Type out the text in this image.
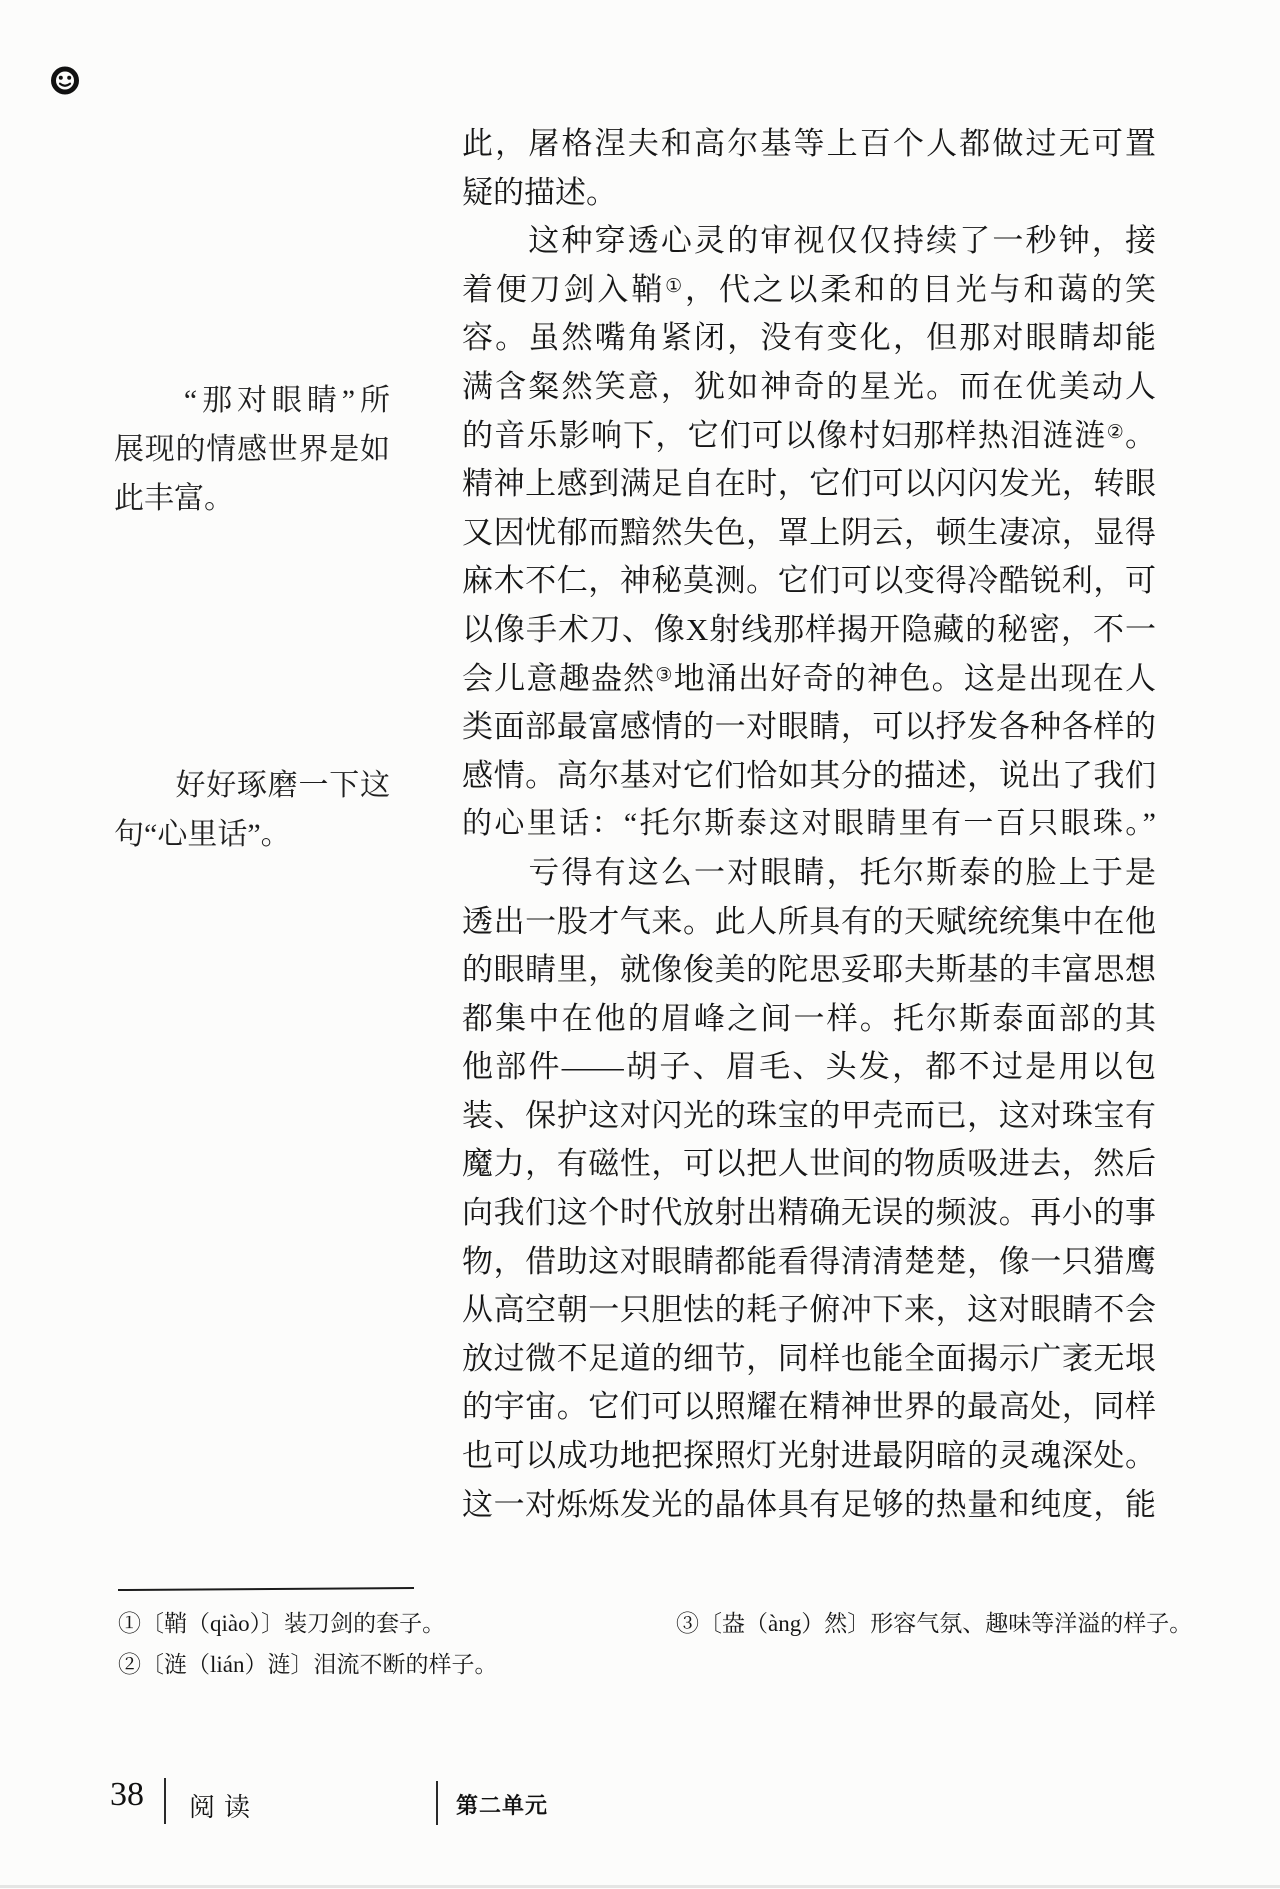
　　“那对眼睛”所
展现的情感世界是如
此丰富。
　　好好琢磨一下这
句“心里话”。
此，屠格涅夫和高尔基等上百个人都做过无可置
疑的描述。
　　这种穿透心灵的审视仅仅持续了一秒钟，接
着便刀剑入鞘①，代之以柔和的目光与和蔼的笑
容。虽然嘴角紧闭，没有变化，但那对眼睛却能
满含粲然笑意，犹如神奇的星光。而在优美动人
的音乐影响下，它们可以像村妇那样热泪涟涟②。
精神上感到满足自在时，它们可以闪闪发光，转眼
又因忧郁而黯然失色，罩上阴云，顿生凄凉，显得
麻木不仁，神秘莫测。它们可以变得冷酷锐利，可
以像手术刀、像X射线那样揭开隐藏的秘密，不一
会儿意趣盎然③地涌出好奇的神色。这是出现在人
类面部最富感情的一对眼睛，可以抒发各种各样的
感情。高尔基对它们恰如其分的描述，说出了我们
的心里话：“托尔斯泰这对眼睛里有一百只眼珠。”
　　亏得有这么一对眼睛，托尔斯泰的脸上于是
透出一股才气来。此人所具有的天赋统统集中在他
的眼睛里，就像俊美的陀思妥耶夫斯基的丰富思想
都集中在他的眉峰之间一样。托尔斯泰面部的其
他部件——胡子、眉毛、头发，都不过是用以包
装、保护这对闪光的珠宝的甲壳而已，这对珠宝有
魔力，有磁性，可以把人世间的物质吸进去，然后
向我们这个时代放射出精确无误的频波。再小的事
物，借助这对眼睛都能看得清清楚楚，像一只猎鹰
从高空朝一只胆怯的耗子俯冲下来，这对眼睛不会
放过微不足道的细节，同样也能全面揭示广袤无垠
的宇宙。它们可以照耀在精神世界的最高处，同样
也可以成功地把探照灯光射进最阴暗的灵魂深处。
这一对烁烁发光的晶体具有足够的热量和纯度，能
①〔鞘（qiào）〕装刀剑的套子。
②〔涟（lián）涟〕泪流不断的样子。
③〔盎（àng）然〕形容气氛、趣味等洋溢的样子。
38 阅读	第二单元
